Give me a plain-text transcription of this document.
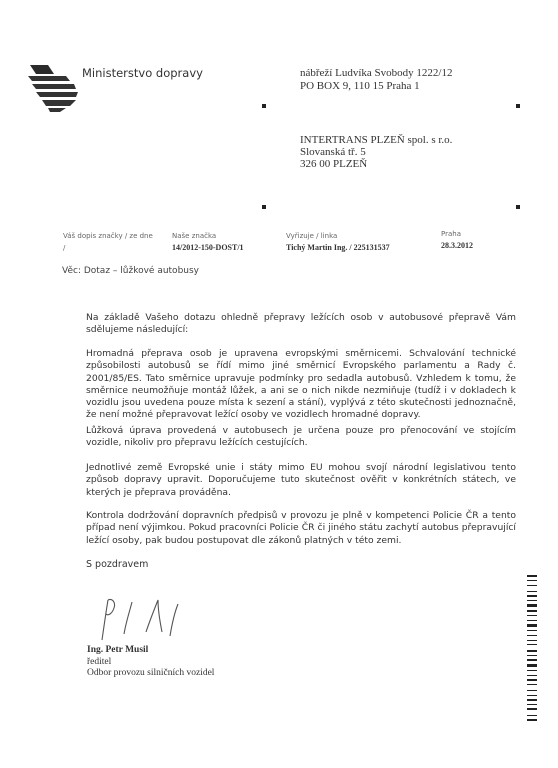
Ministerstvo dopravy	nábřeží Ludvíka Svobody 1222/12
PO BOX 9, 110 15 Praha 1
INTERTRANS PLZEŇ spol. s r.o.
Slovanská tř. 5
326 00 PLZEŇ
Váš dopis značky / ze dne
/
Naše značka
14/2012-150-DOST/1
Vyřizuje / linka
Tichý Martin Ing. / 225131537
Praha
28.3.2012
Věc: Dotaz – lůžkové autobusy
Na základě Vašeho dotazu ohledně přepravy ležících osob v autobusové přepravě Vám sdělujeme následující:
Hromadná přeprava osob je upravena evropskými směrnicemi. Schvalování technické způsobilosti autobusů se řídí mimo jiné směrnicí Evropského parlamentu a Rady č. 2001/85/ES. Tato směrnice upravuje podmínky pro sedadla autobusů. Vzhledem k tomu, že směrnice neumožňuje montáž lůžek, a ani se o nich nikde nezmiňuje (tudíž i v dokladech k vozidlu jsou uvedena pouze místa k sezení a stání), vyplývá z této skutečnosti jednoznačně, že není možné přepravovat ležící osoby ve vozidlech hromadné dopravy.
Lůžková úprava provedená v autobusech je určena pouze pro přenocování ve stojícím vozidle, nikoliv pro přepravu ležících cestujících.
Jednotlivé země Evropské unie i státy mimo EU mohou svojí národní legislativou tento způsob dopravy upravit. Doporučujeme tuto skutečnost ověřit v konkrétních státech, ve kterých je přeprava prováděna.
Kontrola dodržování dopravních předpisů v provozu je plně v kompetenci Policie ČR a tento případ není výjimkou. Pokud pracovníci Policie ČR či jiného státu zachytí autobus přepravující ležící osoby, pak budou postupovat dle zákonů platných v této zemi.
S pozdravem
Ing. Petr Musil
ředitel
Odbor provozu silničních vozidel
